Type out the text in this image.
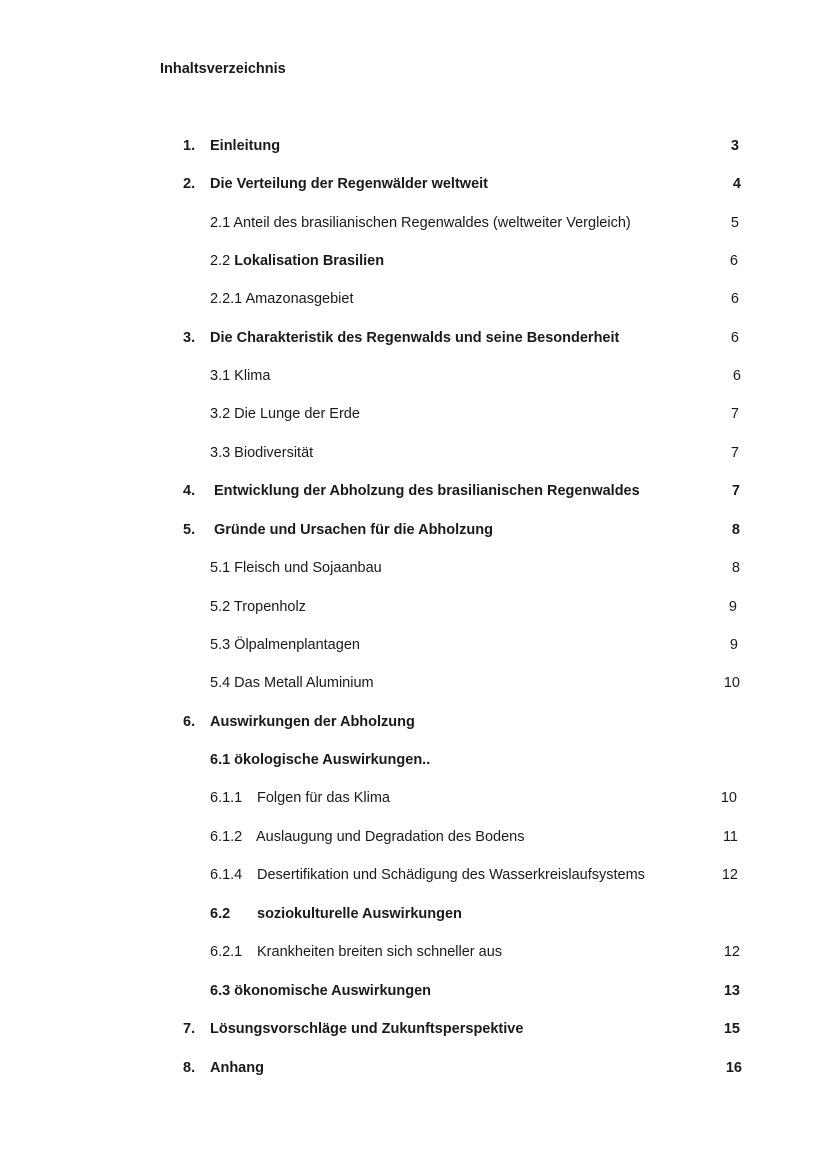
Inhaltsverzeichnis
1. Einleitung	3
2. Die Verteilung der Regenwälder weltweit	4
2.1 Anteil des brasilianischen Regenwaldes (weltweiter Vergleich)	5
2.2 Lokalisation Brasilien	6
2.2.1 Amazonasgebiet	6
3. Die Charakteristik des Regenwalds und seine Besonderheit	6
3.1 Klima	6
3.2 Die Lunge der Erde	7
3.3 Biodiversität	7
4. Entwicklung der Abholzung des brasilianischen Regenwaldes	7
5. Gründe und Ursachen für die Abholzung	8
5.1 Fleisch und Sojaanbau	8
5.2 Tropenholz	9
5.3 Ölpalmenplantagen	9
5.4 Das Metall Aluminium	10
6. Auswirkungen der Abholzung
6.1 ökologische Auswirkungen..
6.1.1 Folgen für das Klima	10
6.1.2 Auslaugung und Degradation des Bodens	11
6.1.4 Desertifikation und Schädigung des Wasserkreislaufsystems	12
6.2 soziokulturelle Auswirkungen
6.2.1 Krankheiten breiten sich schneller aus	12
6.3 ökonomische Auswirkungen	13
7. Lösungsvorschläge und Zukunftsperspektive	15
8. Anhang	16
